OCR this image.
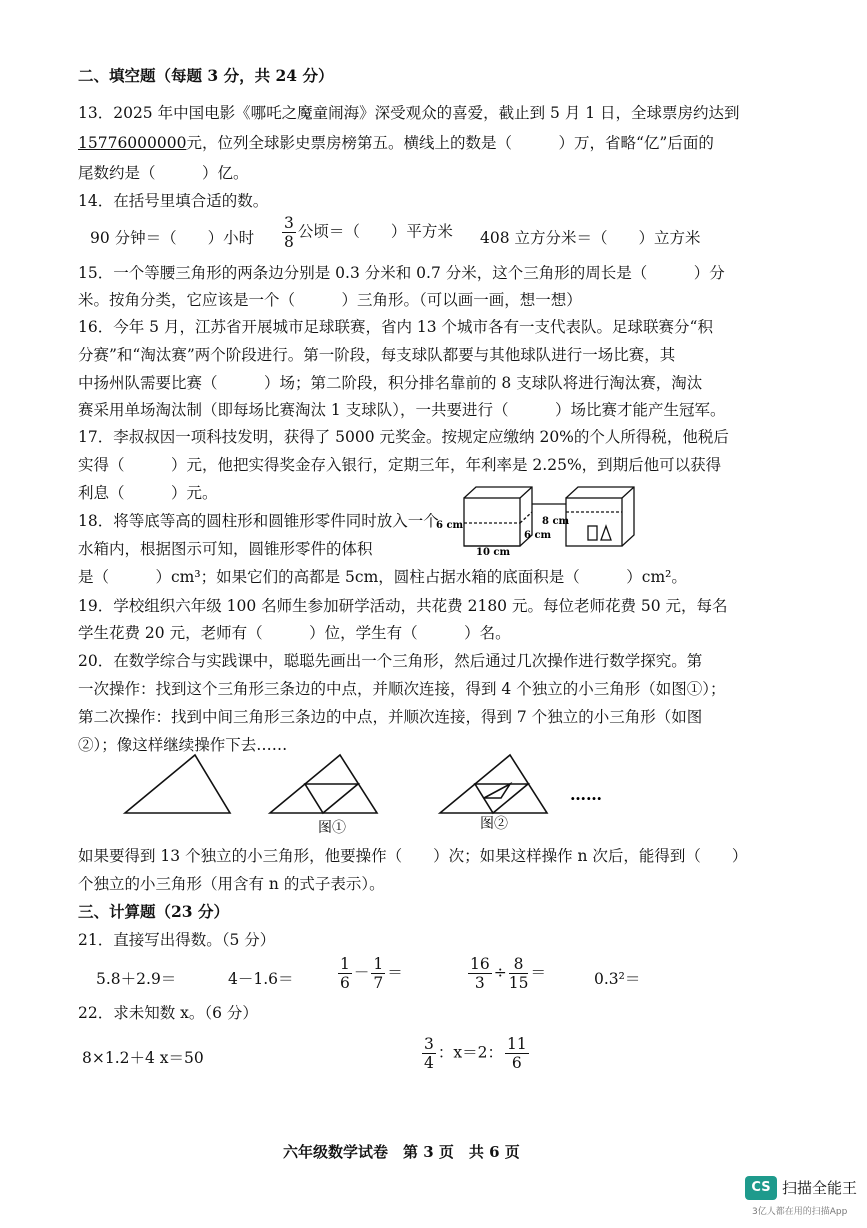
二、填空题（每题 3 分，共 24 分）
13．2025 年中国电影《哪吒之魔童闹海》深受观众的喜爱，截止到 5 月 1 日，全球票房约达到
15776000000元，位列全球影史票房榜第五。横线上的数是（　　　）万，省略“亿”后面的
尾数约是（　　　）亿。
14．在括号里填合适的数。
90 分钟＝（　　）小时 $\frac{3}{8}$ 公顷＝（　　）平方米 408 立方分米＝（　　）立方米
15．一个等腰三角形的两条边分别是 0.3 分米和 0.7 分米，这个三角形的周长是（　　　）分
米。按角分类，它应该是一个（　　　）三角形。（可以画一画，想一想）
16．今年 5 月，江苏省开展城市足球联赛，省内 13 个城市各有一支代表队。足球联赛分“积
分赛”和“淘汰赛”两个阶段进行。第一阶段，每支球队都要与其他球队进行一场比赛，其
中扬州队需要比赛（　　　）场；第二阶段，积分排名靠前的 8 支球队将进行淘汰赛，淘汰
赛采用单场淘汰制（即每场比赛淘汰 1 支球队），一共要进行（　　　）场比赛才能产生冠军。
17．李叔叔因一项科技发明，获得了 5000 元奖金。按规定应缴纳 20%的个人所得税，他税后
实得（　　　）元，他把实得奖金存入银行，定期三年，年利率是 2.25%，到期后他可以获得
利息（　　　）元。
18．将等底等高的圆柱形和圆锥形零件同时放入一个
水箱内，根据图示可知，圆锥形零件的体积
是（　　　）cm³；如果它们的高都是 5cm，圆柱占据水箱的底面积是（　　　）cm²。
6 cm
6 cm
10 cm
8 cm
19．学校组织六年级 100 名师生参加研学活动，共花费 2180 元。每位老师花费 50 元，每名
学生花费 20 元，老师有（　　　）位，学生有（　　　）名。
20．在数学综合与实践课中，聪聪先画出一个三角形，然后通过几次操作进行数学探究。第
一次操作：找到这个三角形三条边的中点，并顺次连接，得到 4 个独立的小三角形（如图①）；
第二次操作：找到中间三角形三条边的中点，并顺次连接，得到 7 个独立的小三角形（如图
②）；像这样继续操作下去……
图①	图②
……
如果要得到 13 个独立的小三角形，他要操作（　　）次；如果这样操作 n 次后，能得到（　　）
个独立的小三角形（用含有 n 的式子表示）。
三、计算题（23 分）
21．直接写出得数。（5 分）
5.8＋2.9＝	4－1.6＝	$\frac{1}{6} - \frac{1}{7}$ ＝	$\frac{16}{3} \div \frac{8}{15}$ ＝	0.3²＝
22．求未知数 x。（6 分）
8×1.2＋4 x＝50	$\frac{3}{4}$ ：x＝2： $\frac{11}{6}$
六年级数学试卷　第 3 页　共 6 页
CS 扫描全能王
3亿人都在用的扫描App
